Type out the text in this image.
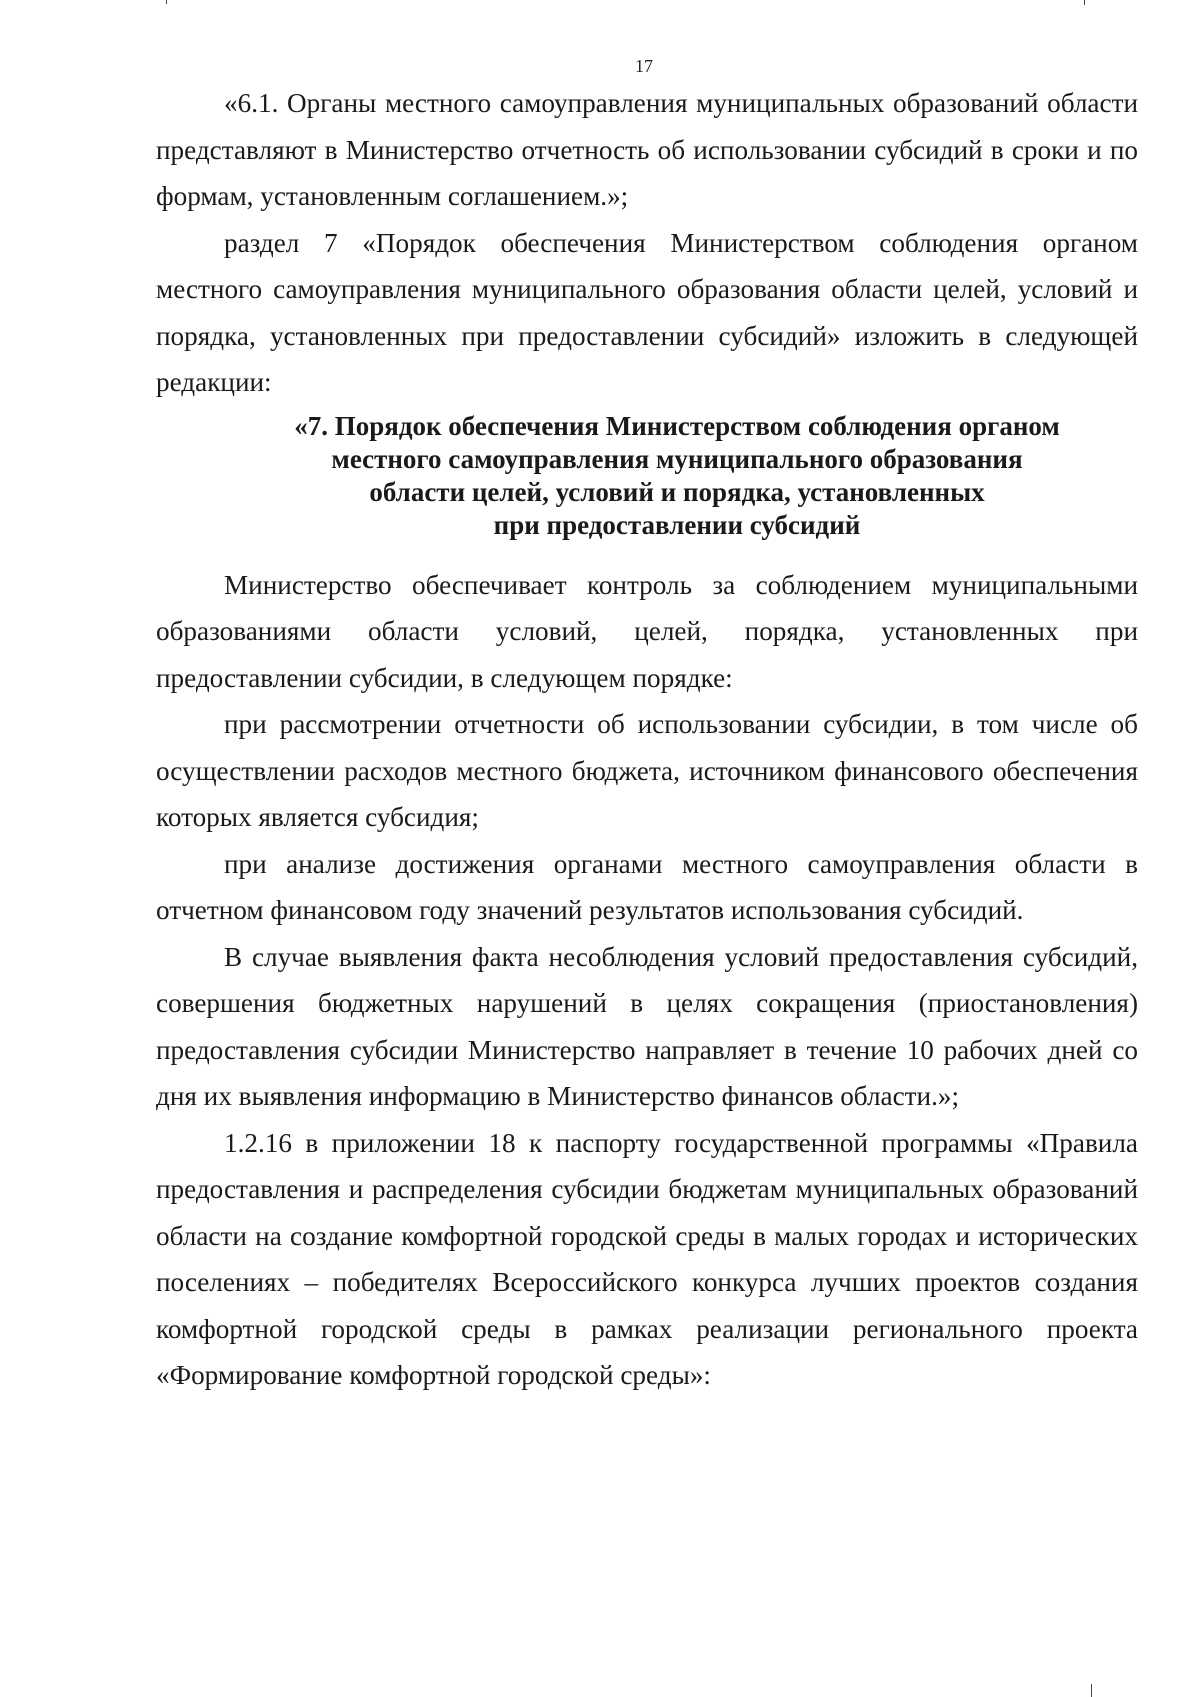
17

«6.1. Органы местного самоуправления муниципальных образований области представляют в Министерство отчетность об использовании субсидий в сроки и по формам, установленным соглашением.»;

раздел 7 «Порядок обеспечения Министерством соблюдения органом местного самоуправления муниципального образования области целей, условий и порядка, установленных при предоставлении субсидий» изложить в следующей редакции:

«7. Порядок обеспечения Министерством соблюдения органом
местного самоуправления муниципального образования
области целей, условий и порядка, установленных
при предоставлении субсидий

Министерство обеспечивает контроль за соблюдением муниципальными образованиями области условий, целей, порядка, установленных при предоставлении субсидии, в следующем порядке:

при рассмотрении отчетности об использовании субсидии, в том числе об осуществлении расходов местного бюджета, источником финансового обеспечения которых является субсидия;

при анализе достижения органами местного самоуправления области в отчетном финансовом году значений результатов использования субсидий.

В случае выявления факта несоблюдения условий предоставления субсидий, совершения бюджетных нарушений в целях сокращения (приостановления) предоставления субсидии Министерство направляет в течение 10 рабочих дней со дня их выявления информацию в Министерство финансов области.»;

1.2.16 в приложении 18 к паспорту государственной программы «Правила предоставления и распределения субсидии бюджетам муниципальных образований области на создание комфортной городской среды в малых городах и исторических поселениях – победителях Всероссийского конкурса лучших проектов создания комфортной городской среды в рамках реализации регионального проекта «Формирование комфортной городской среды»:
